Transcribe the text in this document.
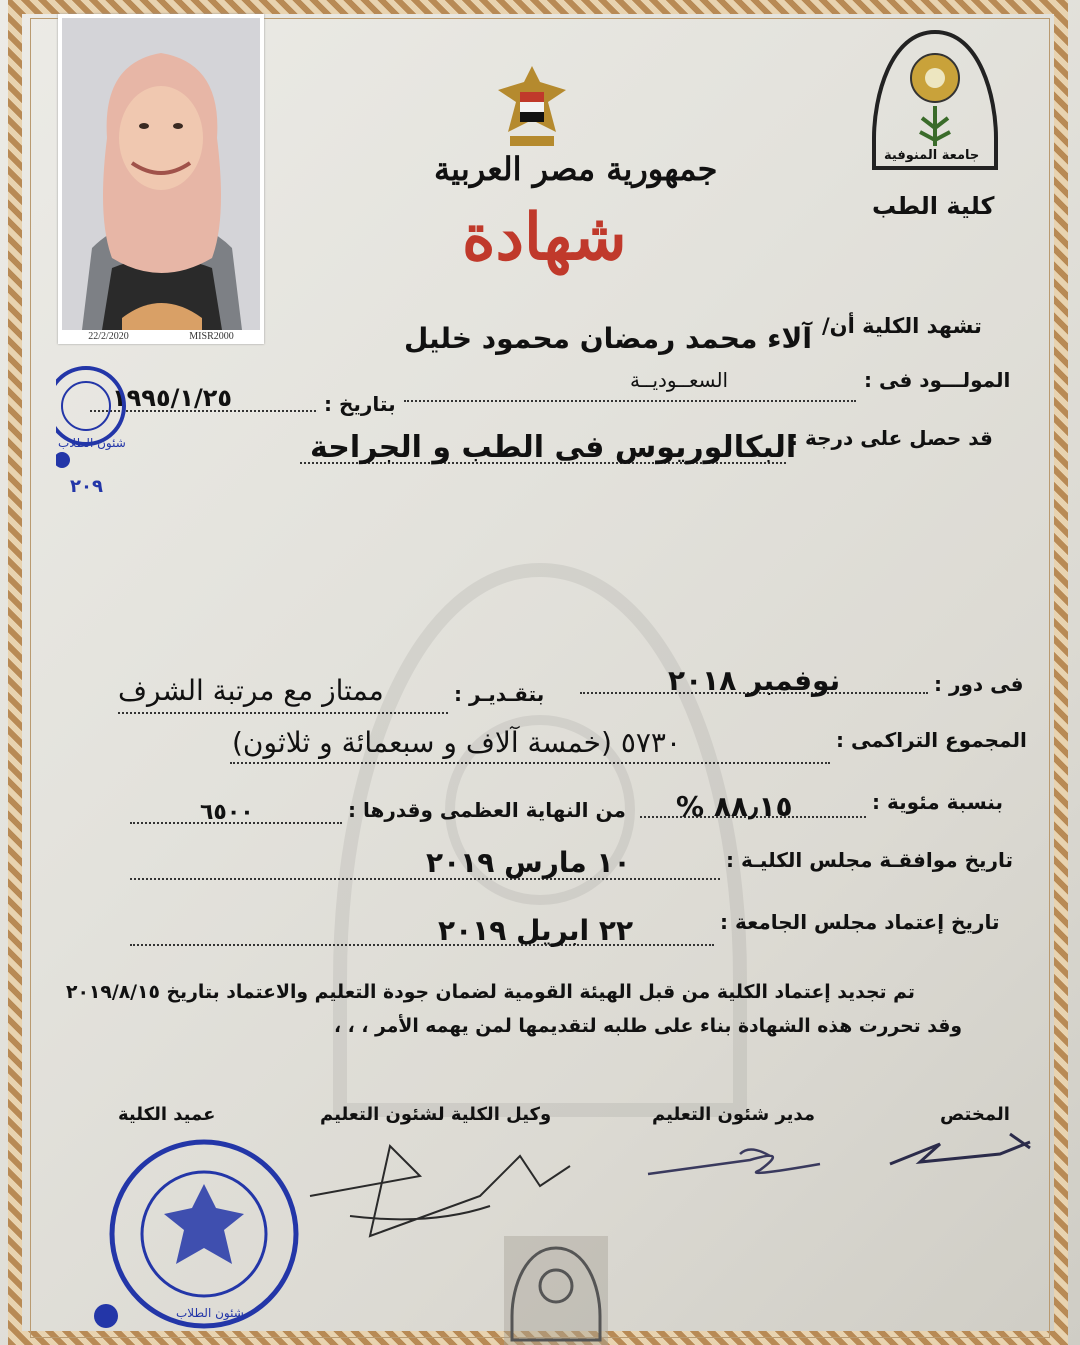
22/2/2020	MISR2000
جامعة المنوفية
جمهورية مصر العربية
شهادة	كلية الطب
تشهد الكلية أن/
آلاء محمد رمضان محمود خليل
المولـــود فى :
السعــوديــة
بتاريخ :
١٩٩٥/١/٢٥
قد حصل على درجة :
البكالوريوس فى الطب و الجراحة
فى دور :
نوفمبر ٢٠١٨
بتقـديـر :
ممتاز مع مرتبة الشرف
المجموع التراكمى :
٥٧٣٠ (خمسة آلاف و سبعمائة و ثلاثون)
بنسبة مئوية :
٨٨٫١٥ %
من النهاية العظمى وقدرها :
٦٥٠٠
تاريخ موافقـة مجلس الكليـة :
١٠ مارس ٢٠١٩
تاريخ إعتماد مجلس الجامعة :
٢٢ ابريل ٢٠١٩
تم تجديد إعتماد الكلية من قبل الهيئة القومية لضمان جودة التعليم والاعتماد بتاريخ ٢٠١٩/٨/١٥
وقد تحررت هذه الشهادة بناء على طلبه لتقديمها لمن يهمه الأمر ، ، ،
المختص
مدير شئون التعليم
وكيل الكلية لشئون التعليم
عميد الكلية
شئون الطلاب
٢٠٩
شئون الطلاب
